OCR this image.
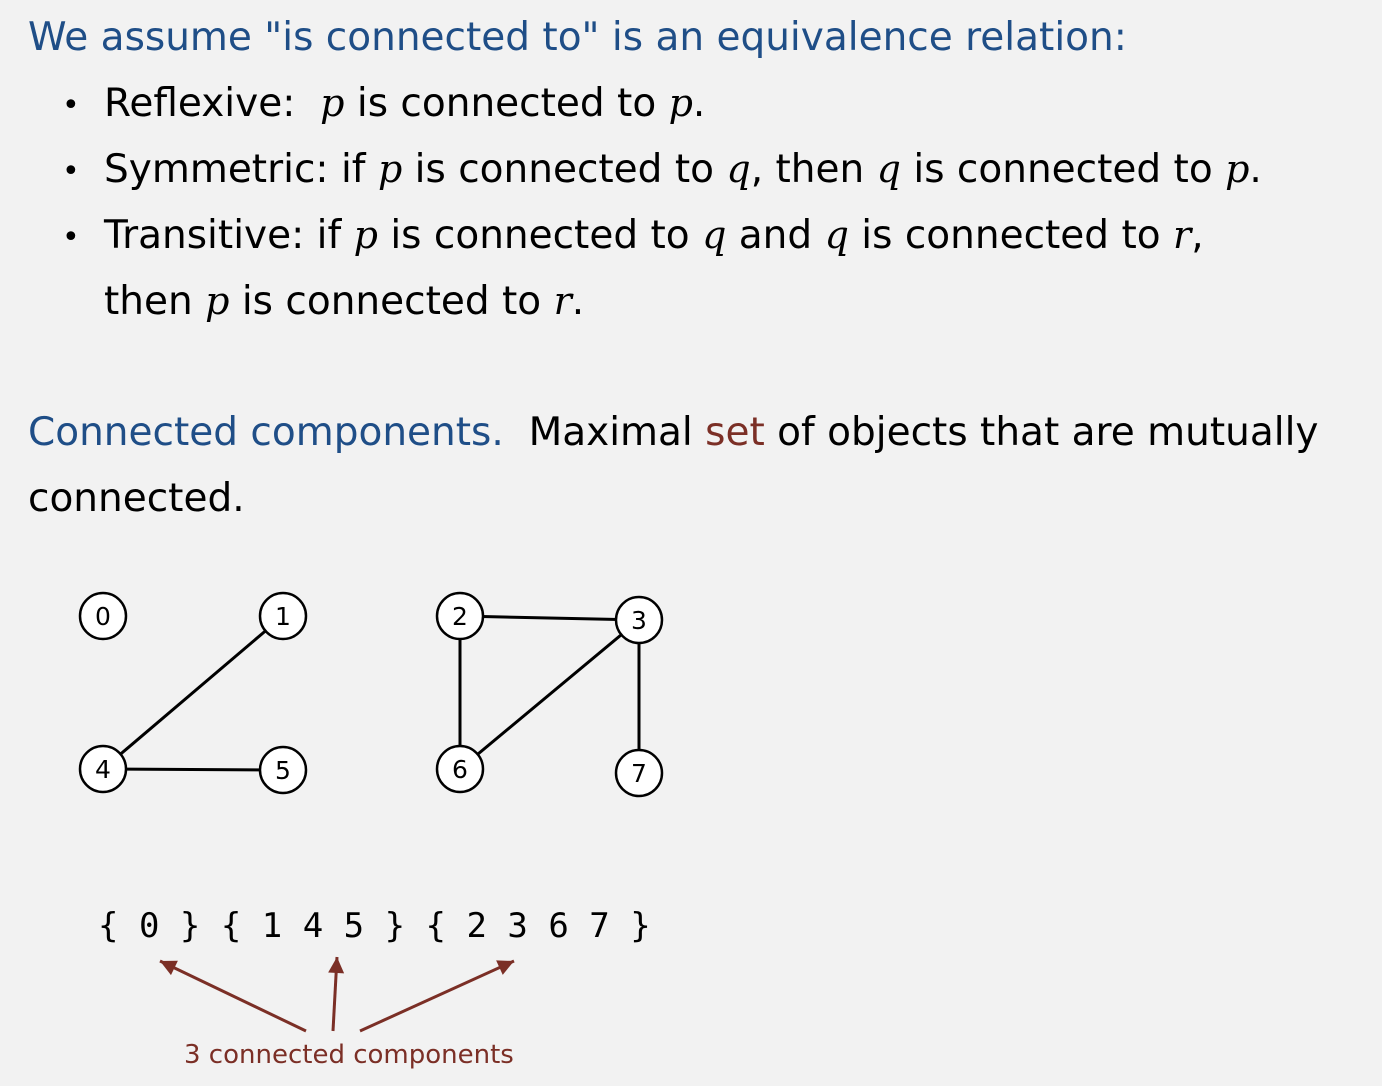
We assume "is connected to" is an equivalence relation:
• Reflexive: p is connected to p.
• Symmetric: if p is connected to q, then q is connected to p.
• Transitive: if p is connected to q and q is connected to r,
then p is connected to r.
Connected components. Maximal set of objects that are mutually
connected.
0	1	2	3
4	5	6	7
{ 0 } { 1 4 5 } { 2 3 6 7 }
3 connected components
